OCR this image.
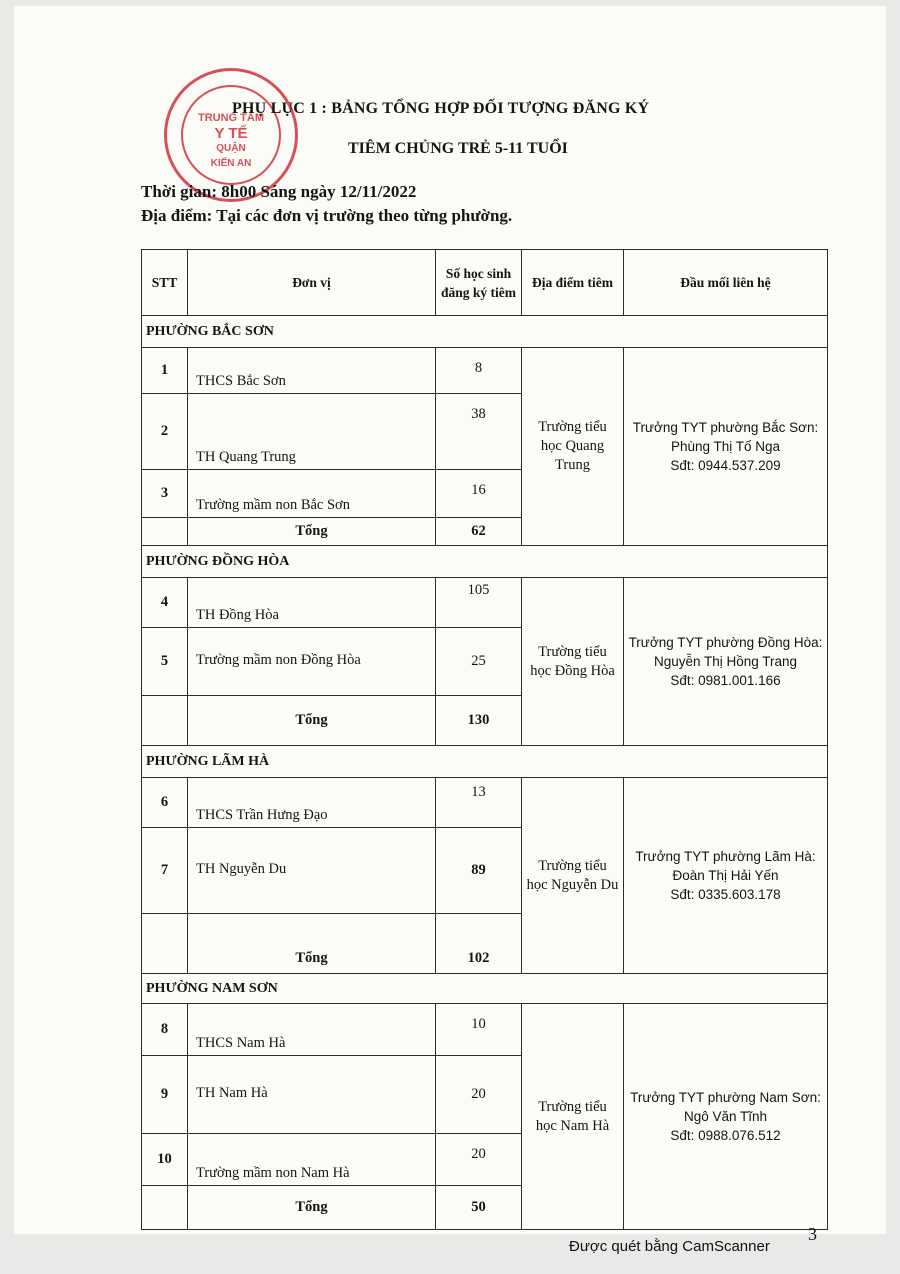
TRUNG TÂM
Y TẾ
QUẬN
KIẾN AN
PHỤ LỤC 1 : BẢNG TỔNG HỢP ĐỐI TƯỢNG ĐĂNG KÝ
TIÊM CHỦNG TRẺ 5-11 TUỔI
Thời gian: 8h00 Sáng ngày 12/11/2022
Địa điểm: Tại các đơn vị trường theo từng phường.
STT	Đơn vị	Số học sinh đăng ký tiêm	Địa điểm tiêm	Đầu mối liên hệ
PHƯỜNG BẮC SƠN				
1	THCS Bắc Sơn	8	Trường tiểu học Quang Trung	Trưởng TYT phường Bắc Sơn:
Phùng Thị Tố Nga
Sđt: 0944.537.209

2	TH Quang Trung	38		
3	Trường mầm non Bắc Sơn	16		
	Tổng	62		
PHƯỜNG ĐỒNG HÒA				
4	TH Đồng Hòa	105	Trường tiểu học Đồng Hòa	Trưởng TYT phường Đồng Hòa:
Nguyễn Thị Hồng Trang
Sđt: 0981.001.166

5	Trường mầm non Đồng Hòa	25		
	Tổng	130		
PHƯỜNG LÃM HÀ				
6	THCS Trần Hưng Đạo	13	Trường tiểu học Nguyễn Du	Trưởng TYT phường Lãm Hà:
Đoàn Thị Hải Yến
Sđt: 0335.603.178

7	TH Nguyễn Du	89		
	Tổng	102		
PHƯỜNG NAM SƠN				
8	THCS Nam Hà	10	Trường tiểu học Nam Hà	Trưởng TYT phường Nam Sơn:
Ngô Văn Tĩnh
Sđt: 0988.076.512

9	TH Nam Hà	20		
10	Trường mầm non Nam Hà	20		
	Tổng	50		
3
Được quét bằng CamScanner
